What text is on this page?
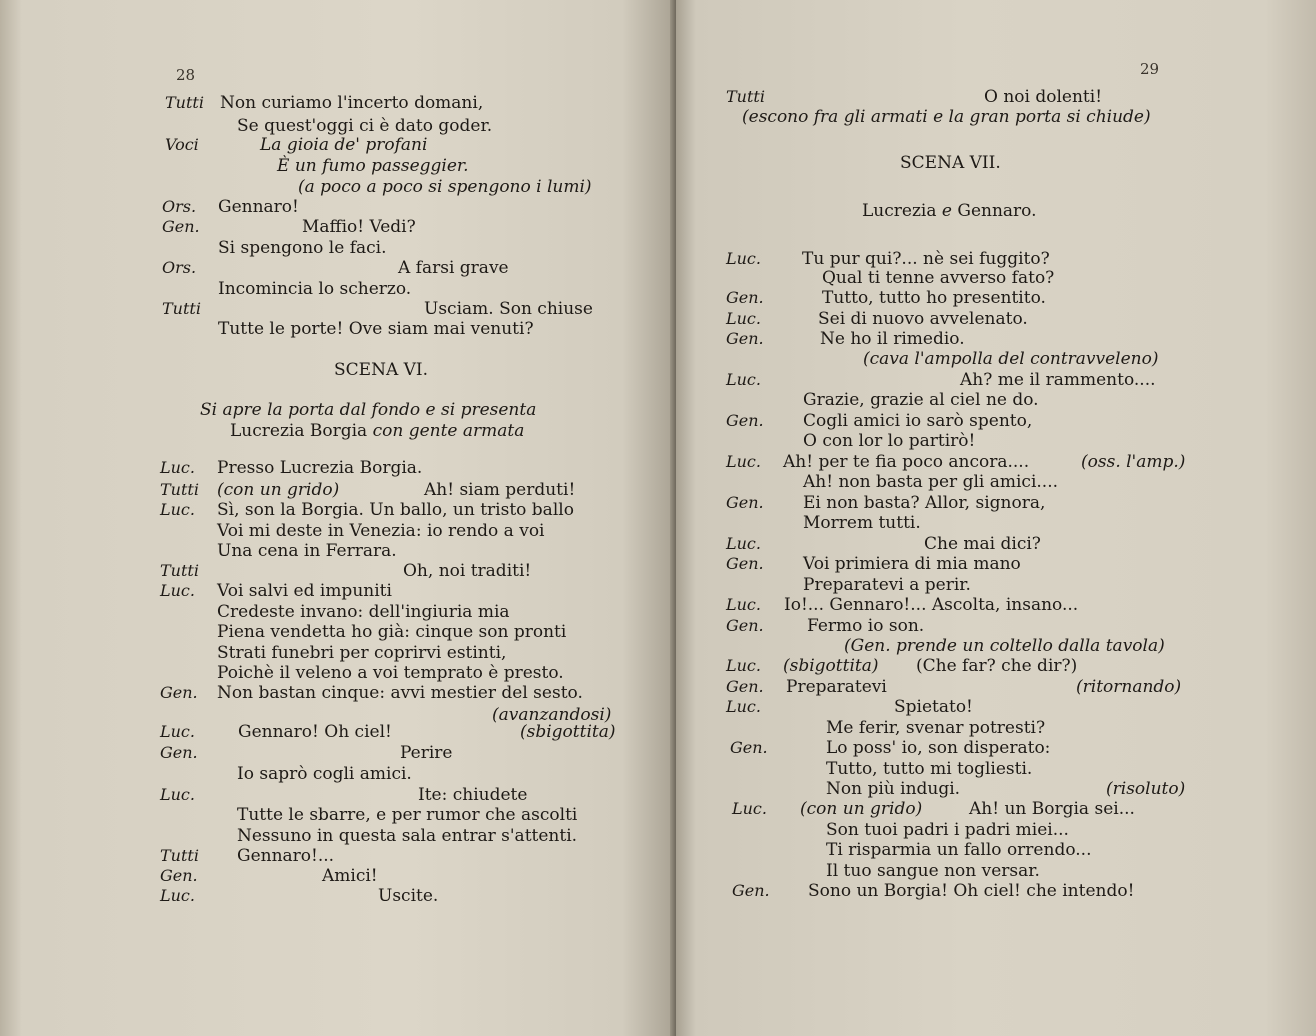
28
Tutti Non curiamo l'incerto domani,
Se quest'oggi ci è dato goder.
Voci	La gioia de' profani
È un fumo passeggier.
(a poco a poco si spengono i lumi)
Ors. Gennaro!
Gen.	Maffio! Vedi?
Si spengono le faci.
Ors.	A farsi grave
Incomincia lo scherzo.
Tutti	Usciam. Son chiuse
Tutte le porte! Ove siam mai venuti?
SCENA VI.
Si apre la porta dal fondo e si presenta
Lucrezia Borgia con gente armata
Luc. Presso Lucrezia Borgia.
Tutti (con un grido)	Ah! siam perduti!
Luc. Sì, son la Borgia. Un ballo, un tristo ballo
Voi mi deste in Venezia: io rendo a voi
Una cena in Ferrara.
Tutti	Oh, noi traditi!
Luc. Voi salvi ed impuniti
Credeste invano: dell'ingiuria mia
Piena vendetta ho già: cinque son pronti
Strati funebri per coprirvi estinti,
Poichè il veleno a voi temprato è presto.
Gen. Non bastan cinque: avvi mestier del sesto.
(avanzandosi)
Luc.	Gennaro! Oh ciel!	(sbigottita)
Gen.	Perire
Io saprò cogli amici.
Luc.	Ite: chiudete
Tutte le sbarre, e per rumor che ascolti
Nessuno in questa sala entrar s'attenti.
Tutti Gennaro!...
Gen.	Amici!
Luc.	Uscite.
29
Tutti	O noi dolenti!
(escono fra gli armati e la gran porta si chiude)
SCENA VII.
Lucrezia e Gennaro.
Luc. Tu pur qui?... nè sei fuggito?
Qual ti tenne avverso fato?
Gen.	Tutto, tutto ho presentito.
Luc.	Sei di nuovo avvelenato.
Gen.	Ne ho il rimedio.
(cava l'ampolla del contravveleno)
Luc.	Ah? me il rammento....
Grazie, grazie al ciel ne do.
Gen. Cogli amici io sarò spento,
O con lor lo partirò!
Luc. Ah! per te fia poco ancora....	(oss. l'amp.)
Ah! non basta per gli amici....
Gen. Ei non basta? Allor, signora,
Morrem tutti.
Luc.	Che mai dici?
Gen. Voi primiera di mia mano
Preparatevi a perir.
Luc. Io!... Gennaro!... Ascolta, insano...
Gen.	Fermo io son.
(Gen. prende un coltello dalla tavola)
Luc. (sbigottita) (Che far? che dir?)
Gen. Preparatevi	(ritornando)
Luc.	Spietato!
Me ferir, svenar potresti?
Gen.	Lo poss' io, son disperato:
Tutto, tutto mi togliesti.
Non più indugi.	(risoluto)
Luc. (con un grido)	Ah! un Borgia sei...
Son tuoi padri i padri miei...
Ti risparmia un fallo orrendo...
Il tuo sangue non versar.
Gen. Sono un Borgia! Oh ciel! che intendo!
